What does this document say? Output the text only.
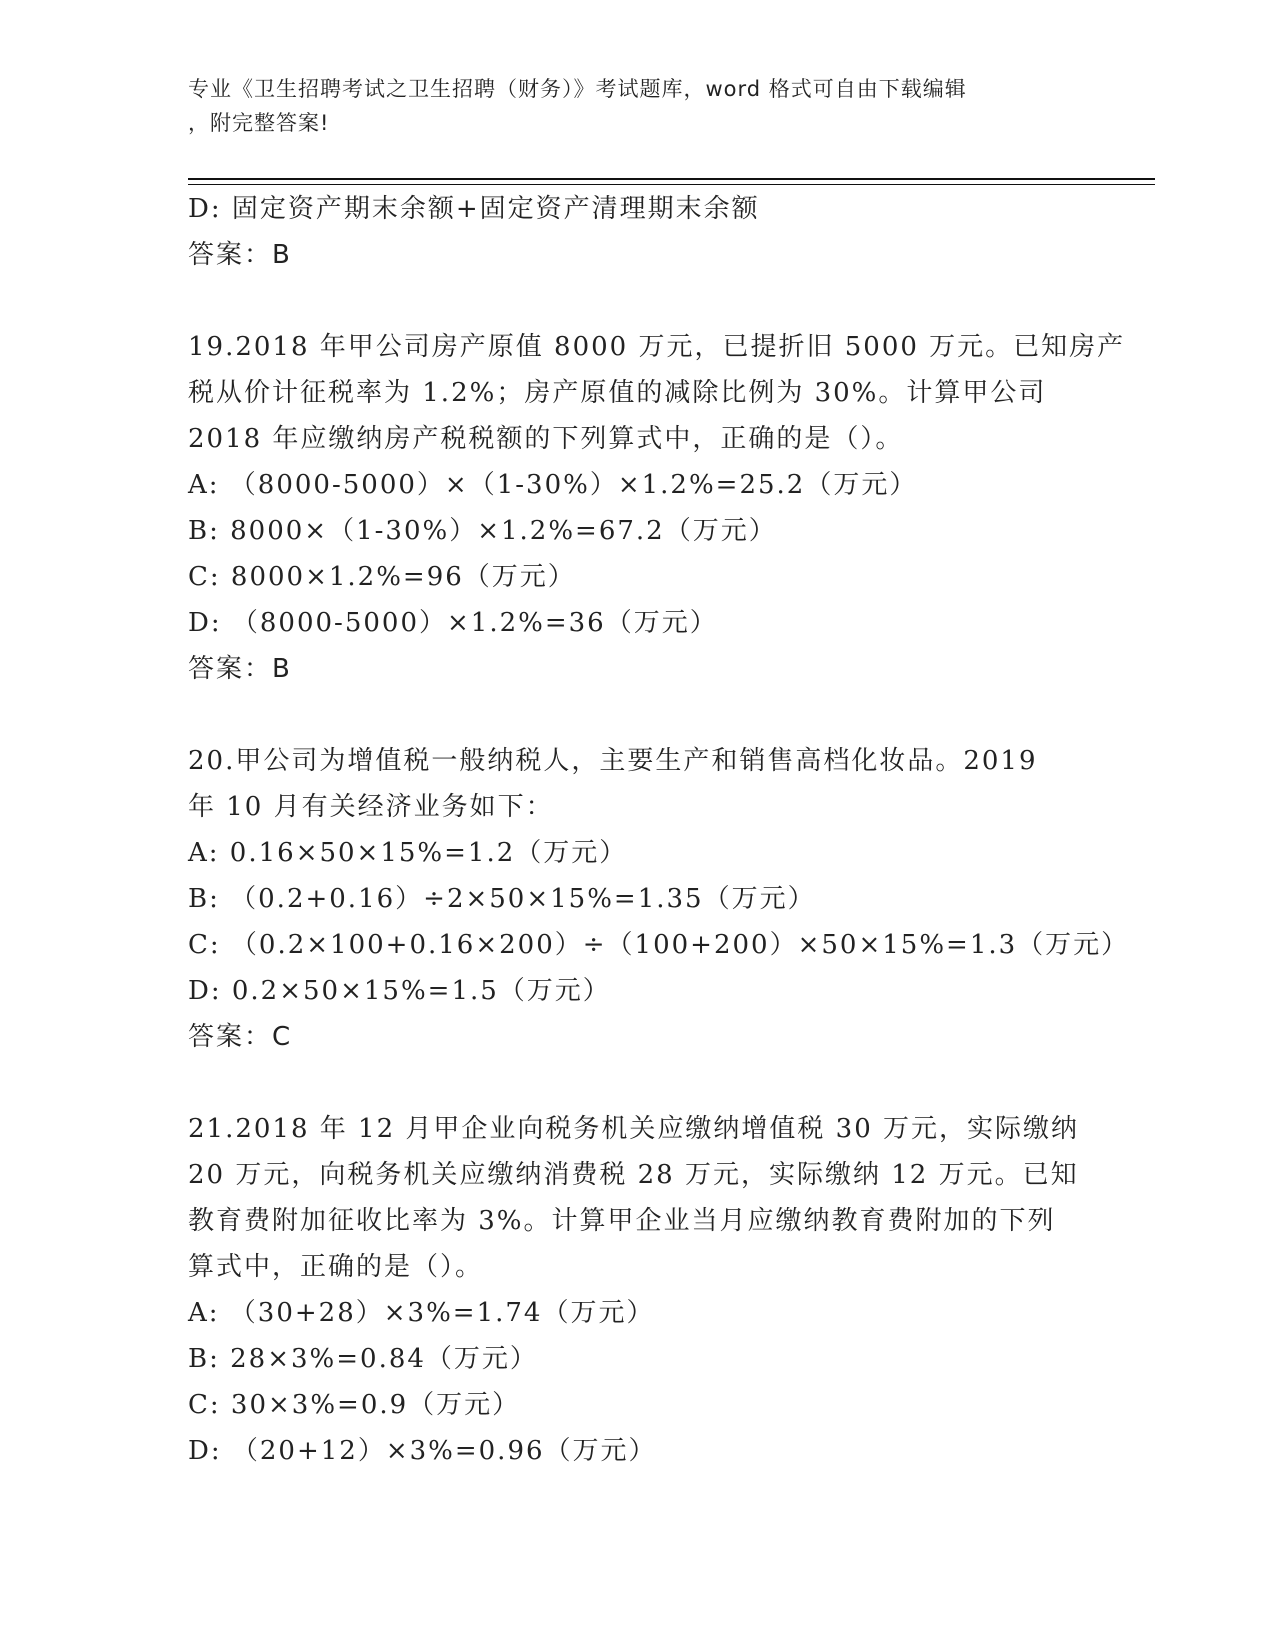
专业《卫生招聘考试之卫生招聘（财务）》考试题库，word 格式可自由下载编辑
，附完整答案!
D: 固定资产期末余额+固定资产清理期末余额
答案：B
19.2018 年甲公司房产原值 8000 万元，已提折旧 5000 万元。已知房产
税从价计征税率为 1.2%；房产原值的减除比例为 30%。计算甲公司
2018 年应缴纳房产税税额的下列算式中，正确的是（）。
A: （8000-5000）×（1-30%）×1.2%=25.2（万元）
B: 8000×（1-30%）×1.2%=67.2（万元）
C: 8000×1.2%=96（万元）
D: （8000-5000）×1.2%=36（万元）
答案：B
20.甲公司为增值税一般纳税人，主要生产和销售高档化妆品。2019
年 10 月有关经济业务如下：
A: 0.16×50×15%=1.2（万元）
B: （0.2+0.16）÷2×50×15%=1.35（万元）
C: （0.2×100+0.16×200）÷（100+200）×50×15%=1.3（万元）
D: 0.2×50×15%=1.5（万元）
答案：C
21.2018 年 12 月甲企业向税务机关应缴纳增值税 30 万元，实际缴纳
20 万元，向税务机关应缴纳消费税 28 万元，实际缴纳 12 万元。已知
教育费附加征收比率为 3%。计算甲企业当月应缴纳教育费附加的下列
算式中，正确的是（）。
A: （30+28）×3%=1.74（万元）
B: 28×3%=0.84（万元）
C: 30×3%=0.9（万元）
D: （20+12）×3%=0.96（万元）
